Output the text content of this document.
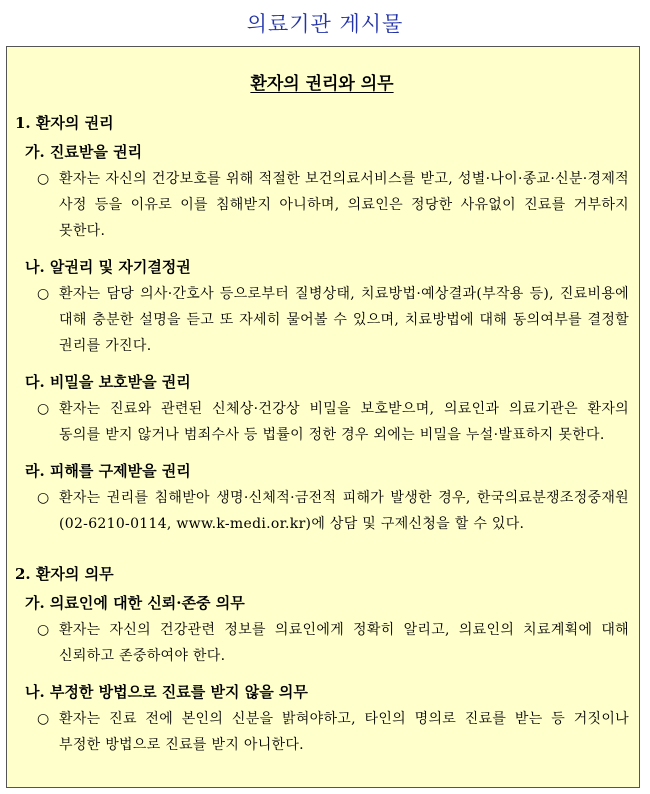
의료기관 게시물
환자의 권리와 의무
1. 환자의 권리
가. 진료받을 권리
○ 환자는 자신의 건강보호를 위해 적절한 보건의료서비스를 받고, 성별·나이·종교·신분·경제적 사정 등을 이유로 이를 침해받지 아니하며, 의료인은 정당한 사유없이 진료를 거부하지 못한다.
나. 알권리 및 자기결정권
○ 환자는 담당 의사·간호사 등으로부터 질병상태, 치료방법·예상결과(부작용 등), 진료비용에 대해 충분한 설명을 듣고 또 자세히 물어볼 수 있으며, 치료방법에 대해 동의여부를 결정할 권리를 가진다.
다. 비밀을 보호받을 권리
○ 환자는 진료와 관련된 신체상·건강상 비밀을 보호받으며, 의료인과 의료기관은 환자의 동의를 받지 않거나 범죄수사 등 법률이 정한 경우 외에는 비밀을 누설·발표하지 못한다.
라. 피해를 구제받을 권리
○ 환자는 권리를 침해받아 생명·신체적·금전적 피해가 발생한 경우, 한국의료분쟁조정중재원(02-6210-0114, www.k-medi.or.kr)에 상담 및 구제신청을 할 수 있다.
2. 환자의 의무
가. 의료인에 대한 신뢰·존중 의무
○ 환자는 자신의 건강관련 정보를 의료인에게 정확히 알리고, 의료인의 치료계획에 대해 신뢰하고 존중하여야 한다.
나. 부정한 방법으로 진료를 받지 않을 의무
○ 환자는 진료 전에 본인의 신분을 밝혀야하고, 타인의 명의로 진료를 받는 등 거짓이나 부정한 방법으로 진료를 받지 아니한다.
